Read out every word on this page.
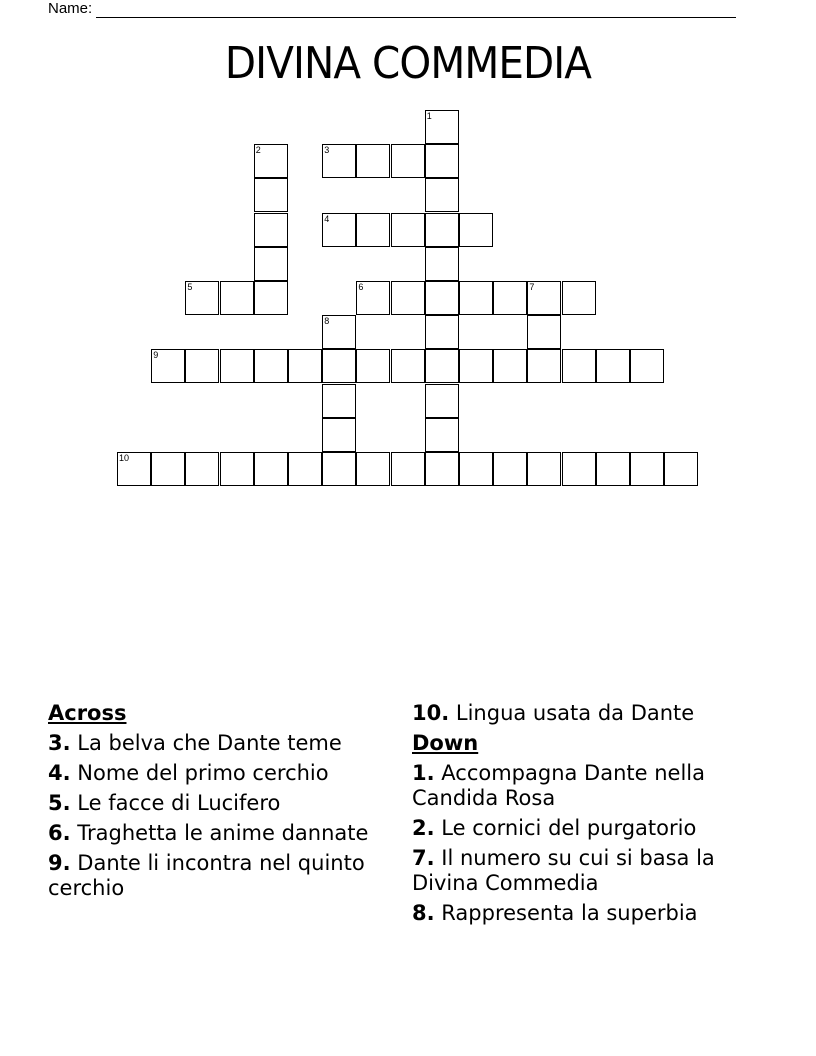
Name:
DIVINA COMMEDIA
1
2	3
4
5	6	7
8
9
10
Across
3. La belva che Dante teme
4. Nome del primo cerchio
5. Le facce di Lucifero
6. Traghetta le anime dannate
9. Dante li incontra nel quinto cerchio
10. Lingua usata da Dante
Down
1. Accompagna Dante nella Candida Rosa
2. Le cornici del purgatorio
7. Il numero su cui si basa la Divina Commedia
8. Rappresenta la superbia
